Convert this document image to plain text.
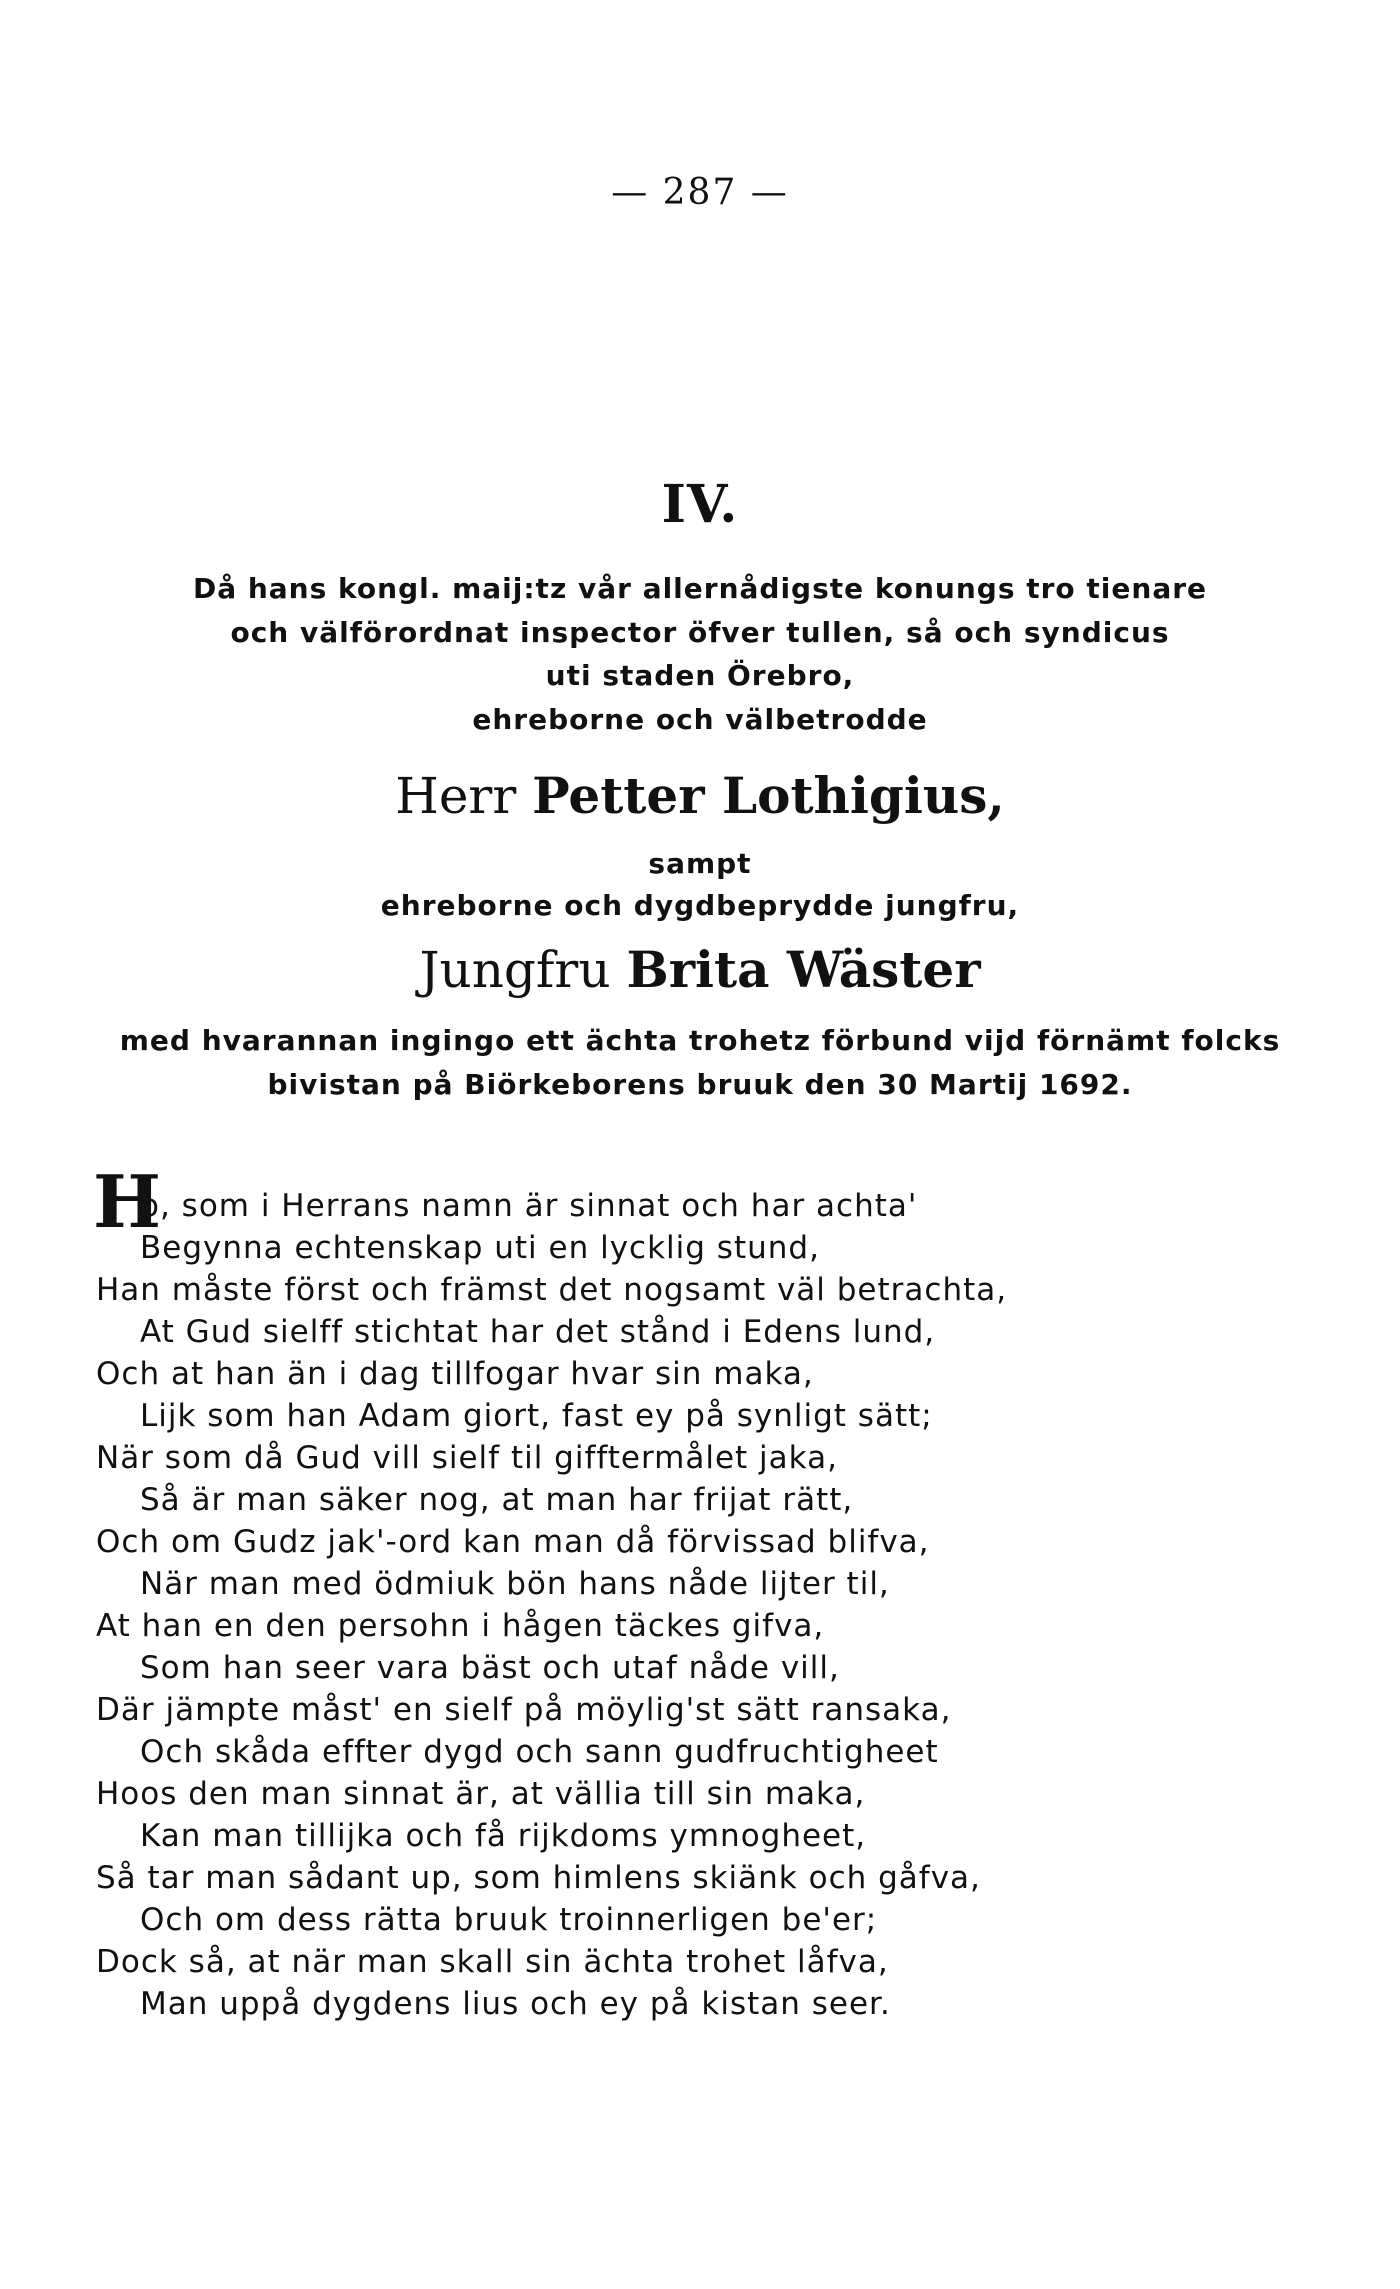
— 287 —
IV.
Då hans kongl. maij:tz vår allernådigste konungs tro tienare
och välförordnat inspector öfver tullen, så och syndicus
uti staden Örebro,
ehreborne och välbetrodde
Herr Petter Lothigius,
sampt
ehreborne och dygdbeprydde jungfru,
Jungfru Brita Wäster
med hvarannan ingingo ett ächta trohetz förbund vijd förnämt folcks
bivistan på Biörkeborens bruuk den 30 Martij 1692.
H
o, som i Herrans namn är sinnat och har achta'
Begynna echtenskap uti en lycklig stund,
Han måste först och främst det nogsamt väl betrachta,
At Gud sielff stichtat har det stånd i Edens lund,
Och at han än i dag tillfogar hvar sin maka,
Lijk som han Adam giort, fast ey på synligt sätt;
När som då Gud vill sielf til gifftermålet jaka,
Så är man säker nog, at man har frijat rätt,
Och om Gudz jak'-ord kan man då förvissad blifva,
När man med ödmiuk bön hans nåde lijter til,
At han en den persohn i hågen täckes gifva,
Som han seer vara bäst och utaf nåde vill,
Där jämpte måst' en sielf på möylig'st sätt ransaka,
Och skåda effter dygd och sann gudfruchtigheet
Hoos den man sinnat är, at vällia till sin maka,
Kan man tillijka och få rijkdoms ymnogheet,
Så tar man sådant up, som himlens skiänk och gåfva,
Och om dess rätta bruuk troinnerligen be'er;
Dock så, at när man skall sin ächta trohet låfva,
Man uppå dygdens lius och ey på kistan seer.
